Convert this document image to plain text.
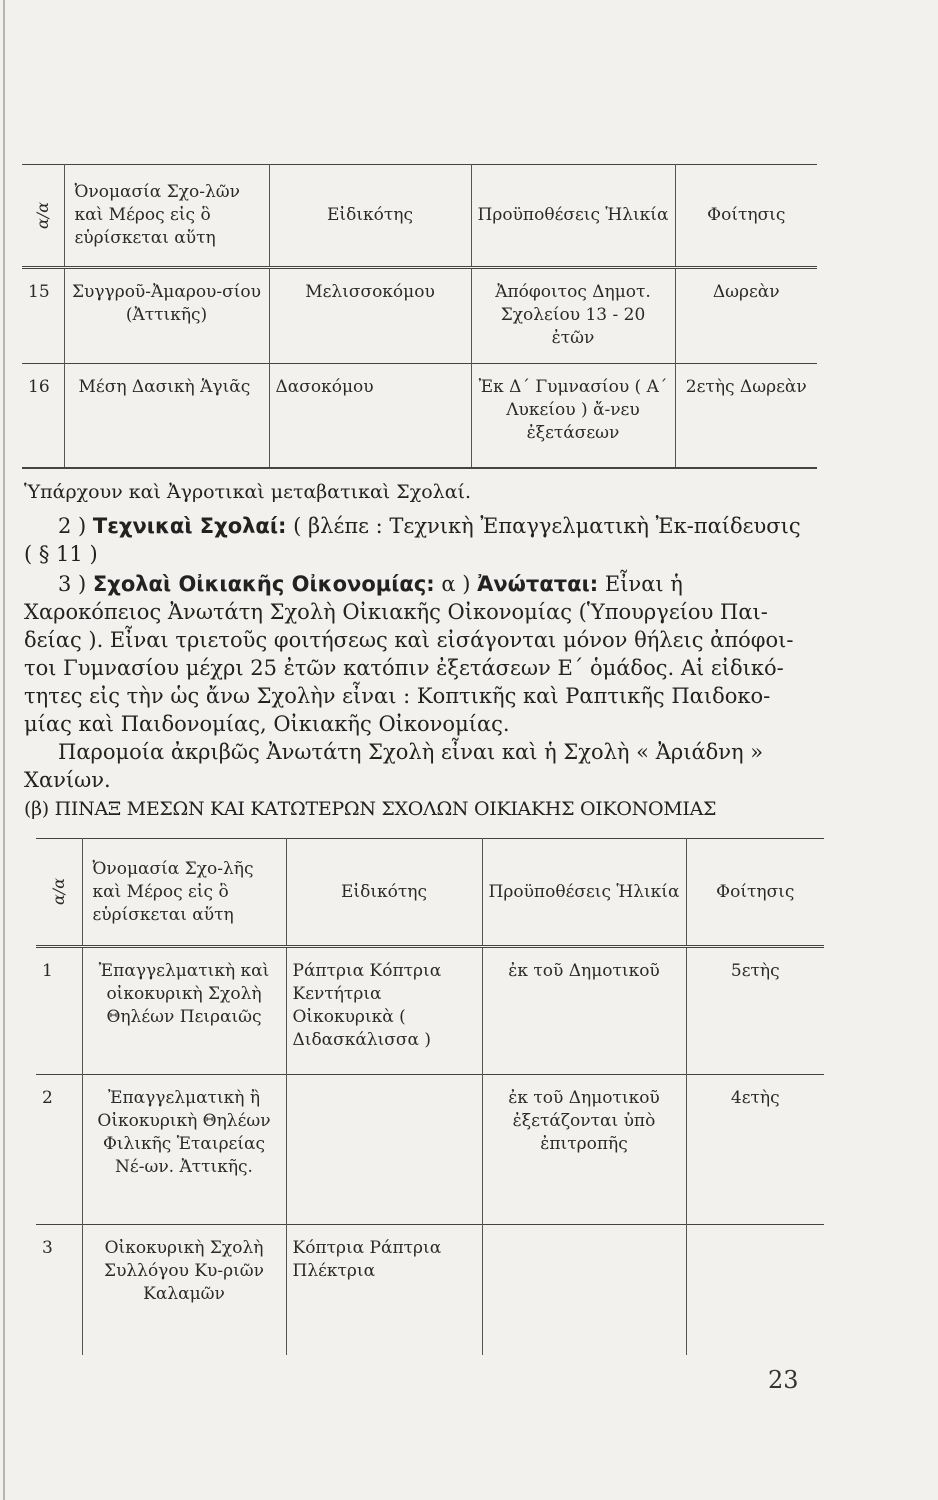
α/α	Ὀνομασία Σχο-λῶν καὶ Μέρος εἰς ὃ εὑρίσκεται αὕτη	Εἰδικότης	Προϋποθέσεις Ἡλικία	Φοίτησις
15	Συγγροῦ-Ἀμαρου-σίου (Ἀττικῆς)	Μελισσοκόμου	Ἀπόφοιτος Δημοτ. Σχολείου 13 - 20 ἐτῶν	Δωρεὰν
16	Μέση Δασικὴ Ἁγιᾶς	Δασοκόμου	Ἐκ Δ΄ Γυμνασίου ( Α΄ Λυκείου ) ἄ-νευ ἐξετάσεων	2ετὴς Δωρεὰν
Ὑπάρχουν καὶ Ἀγροτικαὶ μεταβατικαὶ Σχολαί.
2 ) Τεχνικαὶ Σχολαί: ( βλέπε : Τεχνικὴ Ἐπαγγελματικὴ Ἐκ-παίδευσις ( § 11 )
3 ) Σχολαὶ Οἰκιακῆς Οἰκονομίας: α ) Ἀνώταται: Εἶναι ἡ Χαροκόπειος Ἀνωτάτη Σχολὴ Οἰκιακῆς Οἰκονομίας (Ὑπουργείου Παι-δείας ). Εἶναι τριετοῦς φοιτήσεως καὶ εἰσάγονται μόνον θήλεις ἀπόφοι-τοι Γυμνασίου μέχρι 25 ἐτῶν κατόπιν ἐξετάσεων Ε΄ ὁμάδος. Αἱ εἰδικό-τητες εἰς τὴν ὡς ἄνω Σχολὴν εἶναι : Κοπτικῆς καὶ Ραπτικῆς Παιδοκο-μίας καὶ Παιδονομίας, Οἰκιακῆς Οἰκονομίας.
Παρομοία ἀκριβῶς Ἀνωτάτη Σχολὴ εἶναι καὶ ἡ Σχολὴ « Ἀριάδνη » Χανίων.
(β) ΠΙΝΑΞ ΜΕΣΩΝ ΚΑΙ ΚΑΤΩΤΕΡΩΝ ΣΧΟΛΩΝ ΟΙΚΙΑΚΗΣ ΟΙΚΟΝΟΜΙΑΣ
α/α	Ὀνομασία Σχο-λῆς καὶ Μέρος εἰς ὃ εὑρίσκεται αὕτη	Εἰδικότης	Προϋποθέσεις Ἡλικία	Φοίτησις
1	Ἐπαγγελματικὴ καὶ οἰκοκυρικὴ Σχολὴ Θηλέων Πειραιῶς	Ράπτρια Κόπτρια Κεντήτρια Οἰκοκυρικὰ ( Διδασκάλισσα )	ἐκ τοῦ Δημοτικοῦ	5ετὴς
2	Ἐπαγγελματικὴ ἢ Οἰκοκυρικὴ Θηλέων Φιλικῆς Ἑταιρείας Νέ-ων. Ἀττικῆς.		ἐκ τοῦ Δημοτικοῦ ἐξετάζονται ὑπὸ ἐπιτροπῆς	4ετὴς
3	Οἰκοκυρικὴ Σχολὴ Συλλόγου Κυ-ριῶν Καλαμῶν	Κόπτρια Ράπτρια Πλέκτρια		
23
